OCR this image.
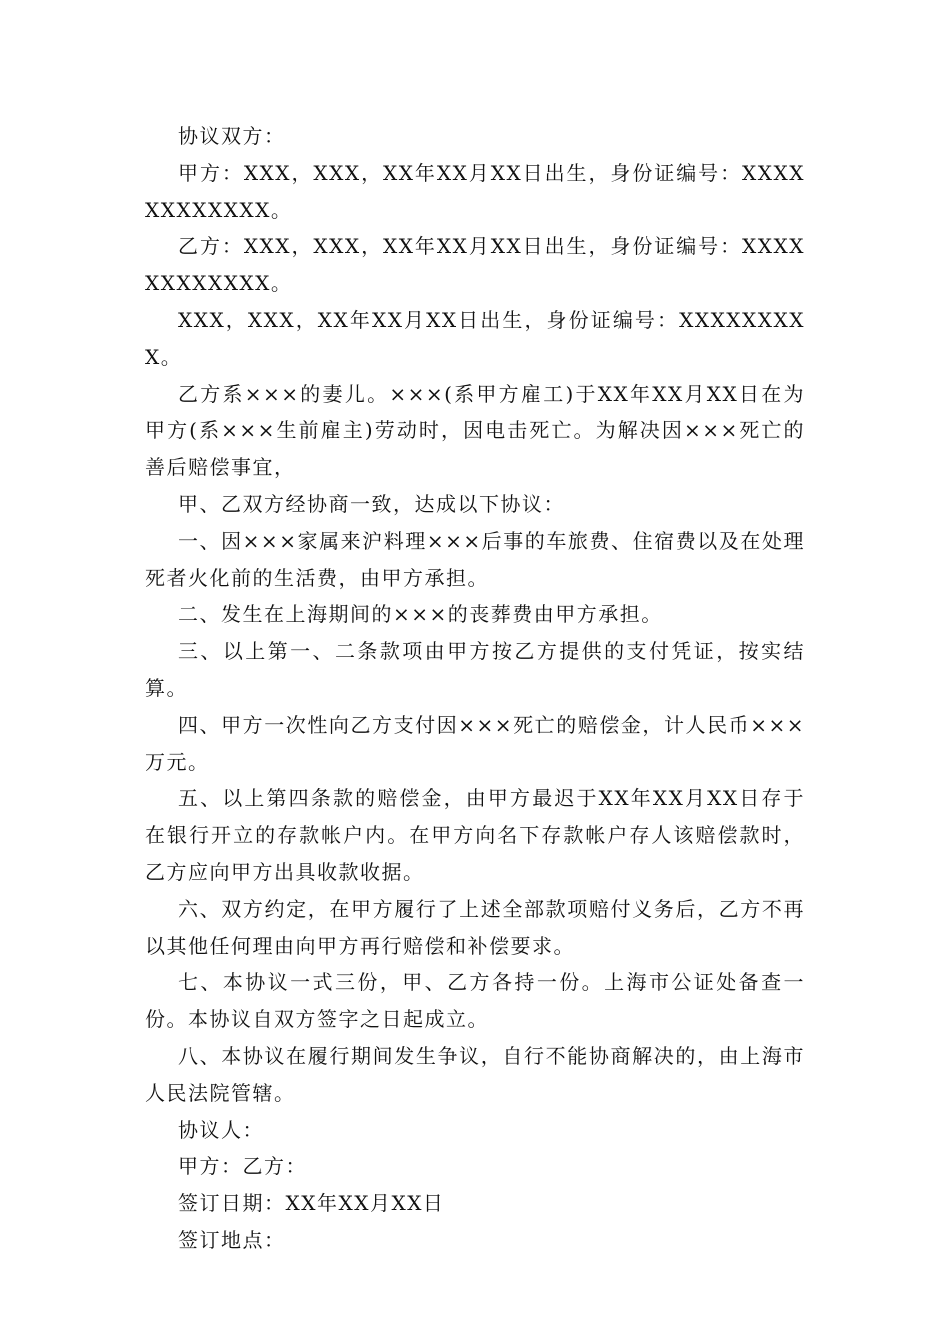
协议双方：

甲方：XXX，XXX，XX年XX月XX日出生，身份证编号：XXXXXXXXXXXX。

乙方：XXX，XXX，XX年XX月XX日出生，身份证编号：XXXXXXXXXXXX。

XXX，XXX，XX年XX月XX日出生，身份证编号：XXXXXXXXX。

乙方系×××的妻儿。×××(系甲方雇工)于XX年XX月XX日在为甲方(系×××生前雇主)劳动时，因电击死亡。为解决因×××死亡的善后赔偿事宜，

甲、乙双方经协商一致，达成以下协议：

一、因×××家属来沪料理×××后事的车旅费、住宿费以及在处理死者火化前的生活费，由甲方承担。

二、发生在上海期间的×××的丧葬费由甲方承担。

三、以上第一、二条款项由甲方按乙方提供的支付凭证，按实结算。

四、甲方一次性向乙方支付因×××死亡的赔偿金，计人民币×××万元。

五、以上第四条款的赔偿金，由甲方最迟于XX年XX月XX日存于在银行开立的存款帐户内。在甲方向名下存款帐户存人该赔偿款时，乙方应向甲方出具收款收据。

六、双方约定，在甲方履行了上述全部款项赔付义务后，乙方不再以其他任何理由向甲方再行赔偿和补偿要求。

七、本协议一式三份，甲、乙方各持一份。上海市公证处备查一份。本协议自双方签字之日起成立。

八、本协议在履行期间发生争议，自行不能协商解决的，由上海市人民法院管辖。

协议人：

甲方：乙方：

签订日期：XX年XX月XX日

签订地点：
